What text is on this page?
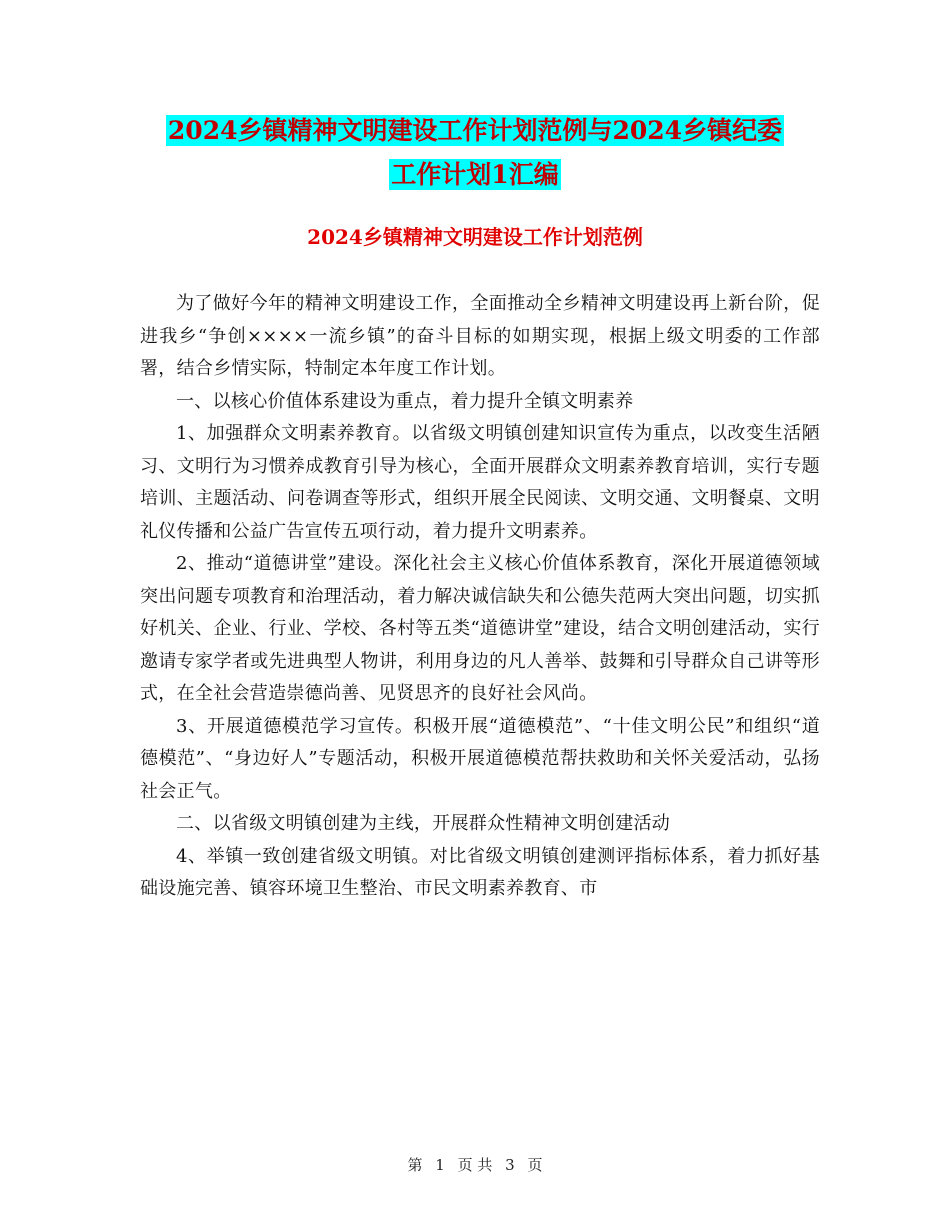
2024乡镇精神文明建设工作计划范例与2024乡镇纪委
工作计划1汇编
2024乡镇精神文明建设工作计划范例

为了做好今年的精神文明建设工作，全面推动全乡精神文明建设再上新台阶，促进我乡“争创××××一流乡镇”的奋斗目标的如期实现，根据上级文明委的工作部署，结合乡情实际，特制定本年度工作计划。

一、以核心价值体系建设为重点，着力提升全镇文明素养

1、加强群众文明素养教育。以省级文明镇创建知识宣传为重点，以改变生活陋习、文明行为习惯养成教育引导为核心，全面开展群众文明素养教育培训，实行专题培训、主题活动、问卷调查等形式，组织开展全民阅读、文明交通、文明餐桌、文明礼仪传播和公益广告宣传五项行动，着力提升文明素养。

2、推动“道德讲堂”建设。深化社会主义核心价值体系教育，深化开展道德领域突出问题专项教育和治理活动，着力解决诚信缺失和公德失范两大突出问题，切实抓好机关、企业、行业、学校、各村等五类“道德讲堂”建设，结合文明创建活动，实行邀请专家学者或先进典型人物讲，利用身边的凡人善举、鼓舞和引导群众自己讲等形式，在全社会营造崇德尚善、见贤思齐的良好社会风尚。

3、开展道德模范学习宣传。积极开展“道德模范”、“十佳文明公民”和组织“道德模范”、“身边好人”专题活动，积极开展道德模范帮扶救助和关怀关爱活动，弘扬社会正气。

二、以省级文明镇创建为主线，开展群众性精神文明创建活动

4、举镇一致创建省级文明镇。对比省级文明镇创建测评指标体系，着力抓好基础设施完善、镇容环境卫生整治、市民文明素养教育、市

第 1 页 共 3 页
